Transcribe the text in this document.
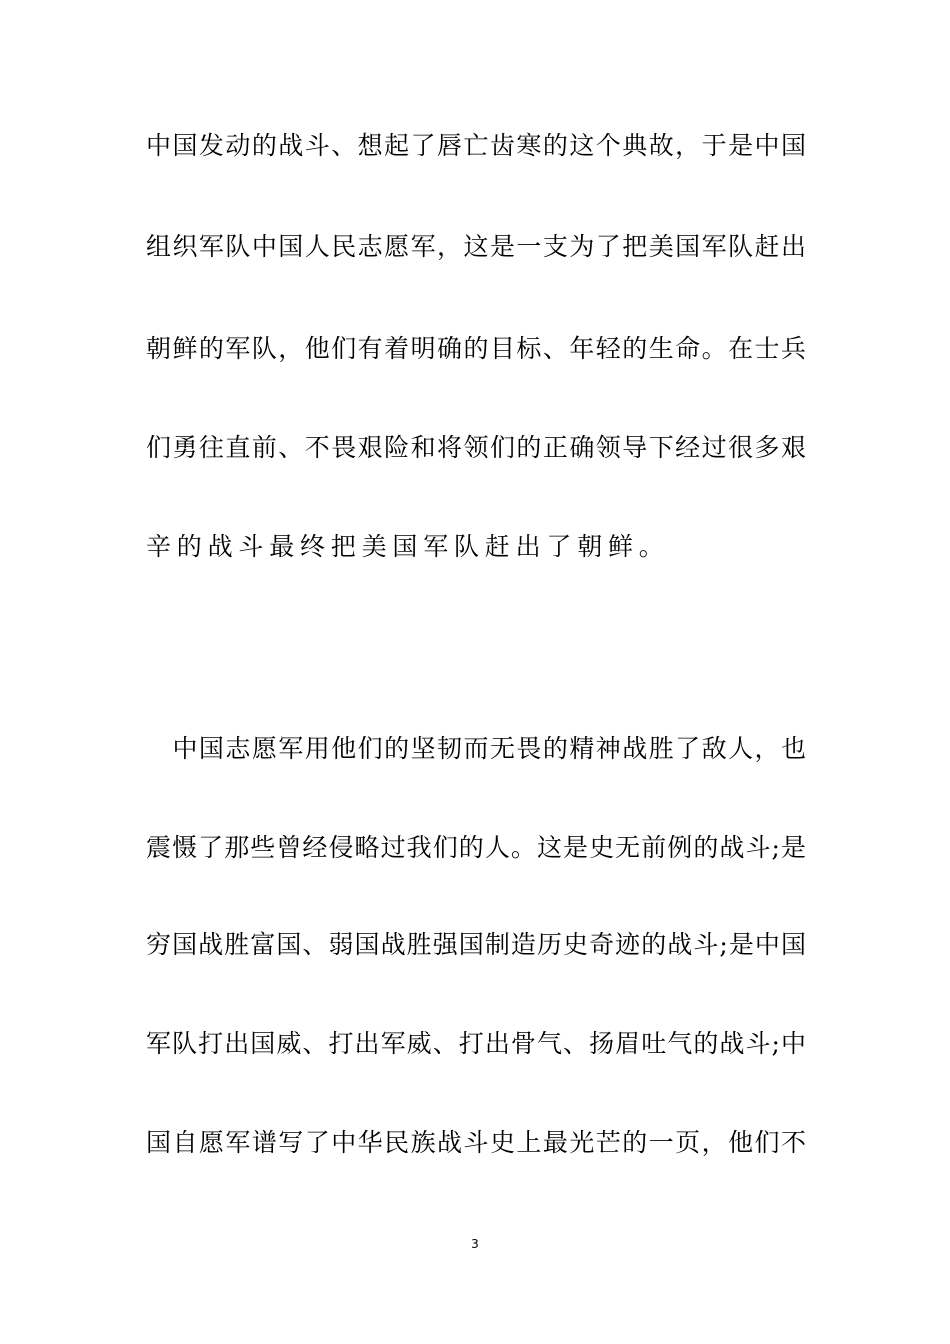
中国发动的战斗、想起了唇亡齿寒的这个典故，于是中国
组织军队中国人民志愿军，这是一支为了把美国军队赶出
朝鲜的军队，他们有着明确的目标、年轻的生命。在士兵
们勇往直前、不畏艰险和将领们的正确领导下经过很多艰
辛的战斗最终把美国军队赶出了朝鲜。
　中国志愿军用他们的坚韧而无畏的精神战胜了敌人，也
震慑了那些曾经侵略过我们的人。这是史无前例的战斗;是
穷国战胜富国、弱国战胜强国制造历史奇迹的战斗;是中国
军队打出国威、打出军威、打出骨气、扬眉吐气的战斗;中
国自愿军谱写了中华民族战斗史上最光芒的一页，他们不
3
